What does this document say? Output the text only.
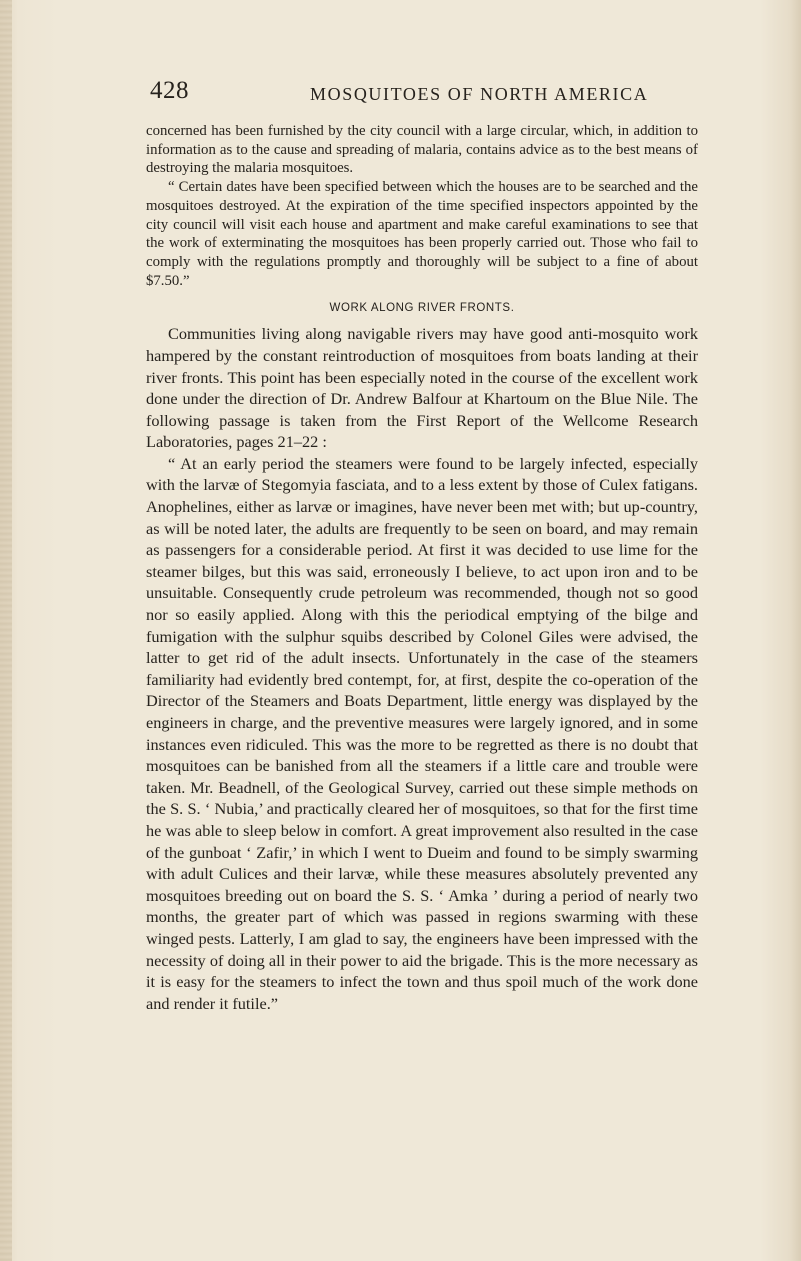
428	MOSQUITOES OF NORTH AMERICA

concerned has been furnished by the city council with a large circular, which, in addition to information as to the cause and spreading of malaria, contains advice as to the best means of destroying the malaria mosquitoes.

“ Certain dates have been specified between which the houses are to be searched and the mosquitoes destroyed. At the expiration of the time specified inspectors appointed by the city council will visit each house and apartment and make careful examinations to see that the work of exterminating the mosquitoes has been properly carried out. Those who fail to comply with the regulations promptly and thoroughly will be subject to a fine of about $7.50.”

WORK ALONG RIVER FRONTS.

Communities living along navigable rivers may have good anti-mosquito work hampered by the constant reintroduction of mosquitoes from boats landing at their river fronts. This point has been especially noted in the course of the excellent work done under the direction of Dr. Andrew Balfour at Khartoum on the Blue Nile. The following passage is taken from the First Report of the Wellcome Research Laboratories, pages 21–22 :

“ At an early period the steamers were found to be largely infected, especially with the larvæ of Stegomyia fasciata, and to a less extent by those of Culex fatigans. Anophelines, either as larvæ or imagines, have never been met with; but up-country, as will be noted later, the adults are frequently to be seen on board, and may remain as passengers for a considerable period. At first it was decided to use lime for the steamer bilges, but this was said, erroneously I believe, to act upon iron and to be unsuitable. Consequently crude petroleum was recommended, though not so good nor so easily applied. Along with this the periodical emptying of the bilge and fumigation with the sulphur squibs described by Colonel Giles were advised, the latter to get rid of the adult insects. Unfortunately in the case of the steamers familiarity had evidently bred contempt, for, at first, despite the co-operation of the Director of the Steamers and Boats Department, little energy was displayed by the engineers in charge, and the preventive measures were largely ignored, and in some instances even ridiculed. This was the more to be regretted as there is no doubt that mosquitoes can be banished from all the steamers if a little care and trouble were taken. Mr. Beadnell, of the Geological Survey, carried out these simple methods on the S. S. ‘ Nubia,’ and practically cleared her of mosquitoes, so that for the first time he was able to sleep below in comfort. A great improvement also resulted in the case of the gunboat ‘ Zafir,’ in which I went to Dueim and found to be simply swarming with adult Culices and their larvæ, while these measures absolutely prevented any mosquitoes breeding out on board the S. S. ‘ Amka ’ during a period of nearly two months, the greater part of which was passed in regions swarming with these winged pests. Latterly, I am glad to say, the engineers have been impressed with the necessity of doing all in their power to aid the brigade. This is the more necessary as it is easy for the steamers to infect the town and thus spoil much of the work done and render it futile.”
